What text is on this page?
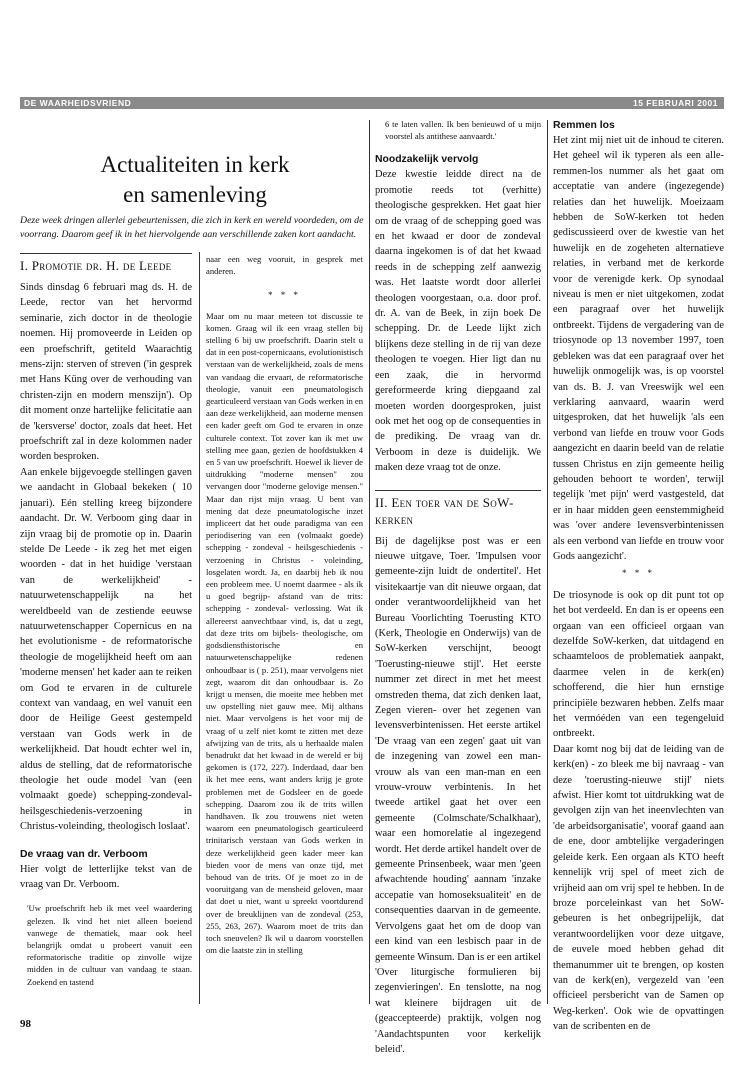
DE WAARHEIDSVRIEND	15 FEBRUARI 2001
Actualiteiten in kerk
en samenleving
Deze week dringen allerlei gebeurtenissen, die zich in kerk en wereld voordeden, om de voorrang. Daarom geef ik in het hiervolgende aan verschillende zaken kort aandacht.

I. Promotie dr. H. de Leede

Sinds dinsdag 6 februari mag ds. H. de Leede, rector van het hervormd seminarie, zich doctor in de theologie noemen. Hij promoveerde in Leiden op een proefschrift, getiteld Waarachtig mens-zijn: sterven of streven ('in gesprek met Hans Küng over de verhouding van christen-zijn en modern menszijn'). Op dit moment onze hartelijke felicitatie aan de 'kersverse' doctor, zoals dat heet. Het proefschrift zal in deze kolommen nader worden besproken.

Aan enkele bijgevoegde stellingen gaven we aandacht in Globaal bekeken ( 10 januari). Eén stelling kreeg bijzondere aandacht. Dr. W. Verboom ging daar in zijn vraag bij de promotie op in. Daarin stelde De Leede - ik zeg het met eigen woorden - dat in het huidige 'verstaan van de werkelijkheid' - natuurwetenschappelijk na het wereldbeeld van de zestiende eeuwse natuurwetenschapper Copernicus en na het evolutionisme - de reformatorische theologie de mogelijkheid heeft om aan 'moderne mensen' het kader aan te reiken om God te ervaren in de culturele context van vandaag, en wel vanuit een door de Heilige Geest gestempeld verstaan van Gods werk in de werkelijkheid. Dat houdt echter wel in, aldus de stelling, dat de reformatorische theologie het oude model 'van (een volmaakt goede) schepping-zondeval-heilsgeschiedenis-verzoening in Christus-voleinding, theologisch loslaat'.

De vraag van dr. Verboom

Hier volgt de letterlijke tekst van de vraag van Dr. Verboom.

'Uw proefschrift heb ik met veel waardering gelezen. Ik vind het niet alleen boeiend vanwege de thematiek, maar ook heel belangrijk omdat u probeert vanuit een reformatorische traditie op zinvolle wijze midden in de cultuur van vandaag te staan. Zoekend en tastend

naar een weg vooruit, in gesprek met anderen.

* * *

Maar om nu maar meteen tot discussie te komen. Graag wil ik een vraag stellen bij stelling 6 bij uw proefschrift. Daarin stelt u dat in een post-copernicaans, evolutionistisch verstaan van de werkelijkheid, zoals de mens van vandaag die ervaart, de reformatorische theologie, vanuit een pneumatologisch gearticuleerd verstaan van Gods werken in en aan deze werkelijkheid, aan moderne mensen een kader geeft om God te ervaren in onze culturele context. Tot zover kan ik met uw stelling mee gaan, gezien de hoofdstukken 4 en 5 van uw proefschrift. Hoewel ik liever de uitdrukking "moderne mensen" zou vervangen door "moderne gelovige mensen." Maar dan rijst mijn vraag. U bent van mening dat deze pneumatologische inzet impliceert dat het oude paradigma van een periodisering van een (volmaakt goede) schepping - zondeval - heilsgeschiedenis - verzoening in Christus - voleinding, losgelaten wordt. Ja, en daarbij heb ik nou een probleem mee. U noemt daarmee - als ik u goed begrijp- afstand van de trits: schepping - zondeval- verlossing. Wat ik allereerst aanvechtbaar vind, is, dat u zegt, dat deze trits om bijbels- theologische, om godsdiensthistorische en natuurwetenschappelijke redenen onhoudbaar is ( p. 251), maar vervolgens niet zegt, waarom dit dan onhoudbaar is. Zo krijgt u mensen, die moeite mee hebben met uw opstelling niet gauw mee. Mij althans niet. Maar vervolgens is het voor mij de vraag of u zelf niet komt te zitten met deze afwijzing van de trits, als u herhaalde malen benadrukt dat het kwaad in de wereld er bij gekomen is (172, 227). Inderdaad, daar ben ik het mee eens, want anders krijg je grote problemen met de Godsleer en de goede schepping. Daarom zou ik de trits willen handhaven. Ik zou trouwens niet weten waarom een pneumatologisch gearticuleerd trinitarisch verstaan van Gods werken in deze werkelijkheid geen kader meer kan bieden voor de mens van onze tijd, met behoud van de trits. Of je moet zo in de vooruitgang van de mensheid geloven, maar dat doet u niet, want u spreekt voortdurend over de breuklijnen van de zondeval (253, 255, 263, 267). Waarom moet de trits dan toch sneuvelen? Ik wil u daarom voorstellen om die laatste zin in stelling

6 te laten vallen. Ik ben benieuwd of u mijn voorstel als antithese aanvaardt.'

Noodzakelijk vervolg

Deze kwestie leidde direct na de promotie reeds tot (verhitte) theologische gesprekken. Het gaat hier om de vraag of de schepping goed was en het kwaad er door de zondeval daarna ingekomen is of dat het kwaad reeds in de schepping zelf aanwezig was. Het laatste wordt door allerlei theologen voorgestaan, o.a. door prof. dr. A. van de Beek, in zijn boek De schepping. Dr. de Leede lijkt zich blijkens deze stelling in de rij van deze theologen te voegen. Hier ligt dan nu een zaak, die in hervormd gereformeerde kring diepgaand zal moeten worden doorgesproken, juist ook met het oog op de consequenties in de prediking. De vraag van dr. Verboom in deze is duidelijk. We maken deze vraag tot de onze.

II. Een toer van de SoW-kerken

Bij de dagelijkse post was er een nieuwe uitgave, Toer. 'Impulsen voor gemeente-zijn luidt de ondertitel'. Het visitekaartje van dit nieuwe orgaan, dat onder verantwoordelijkheid van het Bureau Voorlichting Toerusting KTO (Kerk, Theologie en Onderwijs) van de SoW-kerken verschijnt, beoogt 'Toerusting-nieuwe stijl'. Het eerste nummer zet direct in met het meest omstreden thema, dat zich denken laat, Zegen vieren- over het zegenen van levensverbintenissen. Het eerste artikel 'De vraag van een zegen' gaat uit van de inzegening van zowel een man-vrouw als van een man-man en een vrouw-vrouw verbintenis. In het tweede artikel gaat het over een gemeente (Colmschate/Schalkhaar), waar een homorelatie al ingezegend wordt. Het derde artikel handelt over de gemeente Prinsenbeek, waar men 'geen afwachtende houding' aannam 'inzake accepatie van homoseksualiteit' en de consequenties daarvan in de gemeente. Vervolgens gaat het om de doop van een kind van een lesbisch paar in de gemeente Winsum. Dan is er een artikel 'Over liturgische formulieren bij zegenvieringen'. En tenslotte, na nog wat kleinere bijdragen uit de (geaccepteerde) praktijk, volgen nog 'Aandachtspunten voor kerkelijk beleid'.

Remmen los

Het zint mij niet uit de inhoud te citeren. Het geheel wil ik typeren als een alle-remmen-los nummer als het gaat om acceptatie van andere (ingezegende) relaties dan het huwelijk. Moeizaam hebben de SoW-kerken tot heden gediscussieerd over de kwestie van het huwelijk en de zogeheten alternatieve relaties, in verband met de kerkorde voor de verenigde kerk. Op synodaal niveau is men er niet uitgekomen, zodat een paragraaf over het huwelijk ontbreekt. Tijdens de vergadering van de triosynode op 13 november 1997, toen gebleken was dat een paragraaf over het huwelijk onmogelijk was, is op voorstel van ds. B. J. van Vreeswijk wel een verklaring aanvaard, waarin werd uitgesproken, dat het huwelijk 'als een verbond van liefde en trouw voor Gods aangezicht en daarin beeld van de relatie tussen Christus en zijn gemeente heilig gehouden behoort te worden', terwijl tegelijk 'met pijn' werd vastgesteld, dat er in haar midden geen eenstemmigheid was 'over andere levensverbintenissen als een verbond van liefde en trouw voor Gods aangezicht'.

* * *

De triosynode is ook op dit punt tot op het bot verdeeld. En dan is er opeens een orgaan van een officieel orgaan van dezelfde SoW-kerken, dat uitdagend en schaamteloos de problematiek aanpakt, daarmee velen in de kerk(en) schofferend, die hier hun ernstige principiële bezwaren hebben. Zelfs maar het vermóéden van een tegengeluid ontbreekt.

Daar komt nog bij dat de leiding van de kerk(en) - zo bleek me bij navraag - van deze 'toerusting-nieuwe stijl' niets afwist. Hier komt tot uitdrukking wat de gevolgen zijn van het ineenvlechten van 'de arbeidsorganisatie', vooraf gaand aan de ene, door ambtelijke vergaderingen geleide kerk. Een orgaan als KTO heeft kennelijk vrij spel of meet zich de vrijheid aan om vrij spel te hebben. In de broze porceleinkast van het SoW-gebeuren is het onbegrijpelijk, dat verantwoordelijken voor deze uitgave, de euvele moed hebben gehad dit themanummer uit te brengen, op kosten van de kerk(en), vergezeld van 'een officieel persbericht van de Samen op Weg-kerken'. Ook wie de opvattingen van de scribenten en de

98
